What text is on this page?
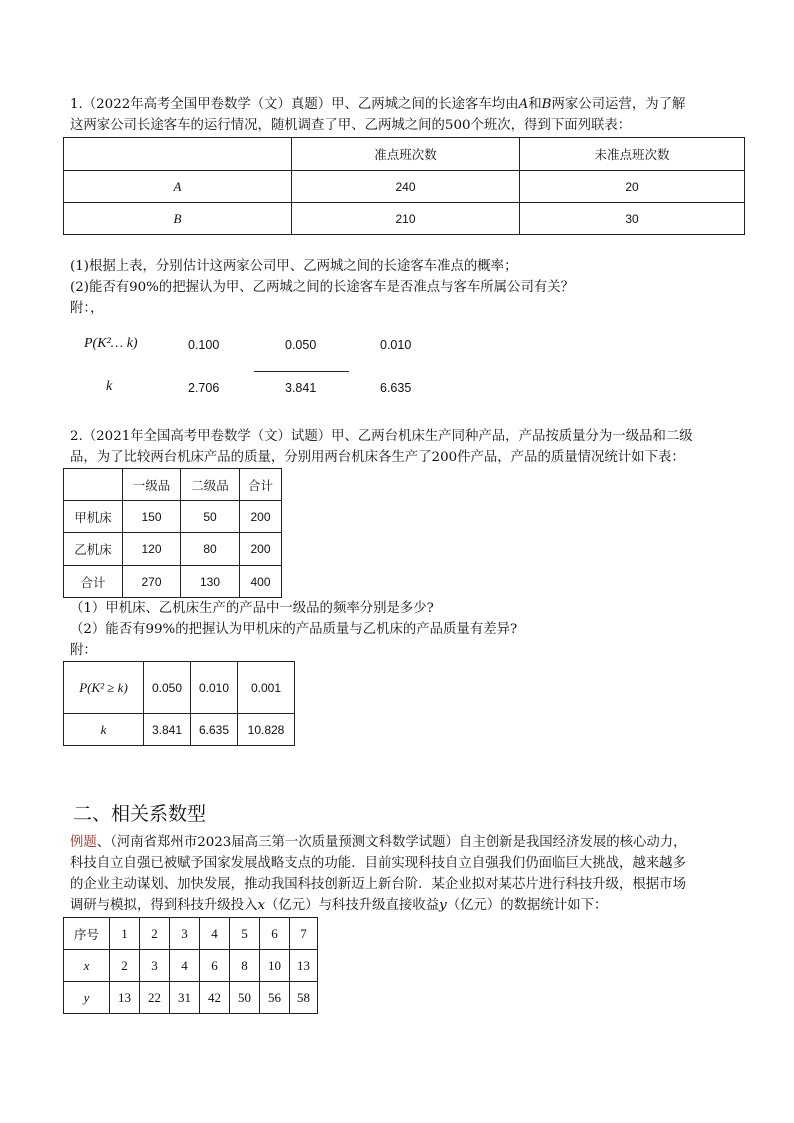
1.（2022年高考全国甲卷数学（文）真题）甲、乙两城之间的长途客车均由A和B两家公司运营，为了解
这两家公司长途客车的运行情况，随机调查了甲、乙两城之间的500个班次，得到下面列联表：
	准点班次数	未准点班次数
A	240	20
B	210	30
(1)根据上表，分别估计这两家公司甲、乙两城之间的长途客车准点的概率；
(2)能否有90%的把握认为甲、乙两城之间的长途客车是否准点与客车所属公司有关？
附：，
P(K²… k)	0.100	0.050	0.010
k	2.706	3.841	6.635
2.（2021年全国高考甲卷数学（文）试题）甲、乙两台机床生产同种产品，产品按质量分为一级品和二级
品，为了比较两台机床产品的质量，分别用两台机床各生产了200件产品，产品的质量情况统计如下表：
	一级品	二级品	合计
甲机床	150	50	200
乙机床	120	80	200
合计	270	130	400
（1）甲机床、乙机床生产的产品中一级品的频率分别是多少?
（2）能否有99%的把握认为甲机床的产品质量与乙机床的产品质量有差异?
附：
P(K² ≥ k)	0.050	0.010	0.001
k	3.841	6.635	10.828
二、相关系数型
例题、（河南省郑州市2023届高三第一次质量预测文科数学试题）自主创新是我国经济发展的核心动力，
科技自立自强已被赋予国家发展战略支点的功能．目前实现科技自立自强我们仍面临巨大挑战，越来越多
的企业主动谋划、加快发展，推动我国科技创新迈上新台阶．某企业拟对某芯片进行科技升级，根据市场
调研与模拟，得到科技升级投入x（亿元）与科技升级直接收益y（亿元）的数据统计如下：
序号	1	2	3	4	5	6	7
x	2	3	4	6	8	10	13
y	13	22	31	42	50	56	58
